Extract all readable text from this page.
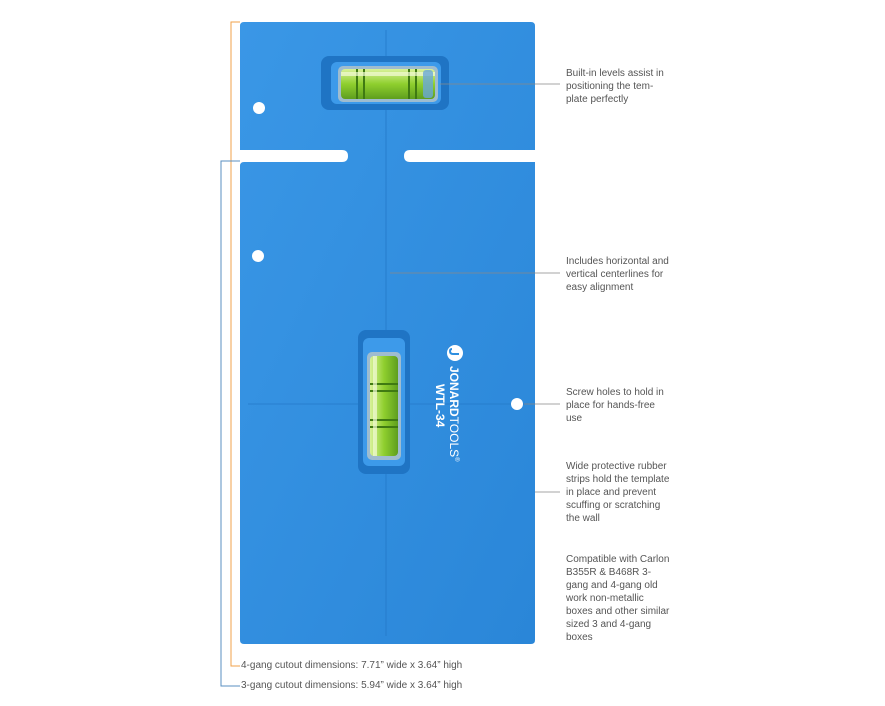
JONARDTOOLS®
WTL-34
Built-in levels assist in positioning the tem-plate perfectly
Includes horizontal and vertical centerlines for easy alignment
Screw holes to hold in place for hands-free use
Wide protective rubber strips hold the template in place and prevent scuffing or scratching the wall
Compatible with Carlon B355R & B468R 3-gang and 4-gang old work non-metallic boxes and other similar sized 3 and 4-gang boxes
4-gang cutout dimensions: 7.71” wide x 3.64” high
3-gang cutout dimensions: 5.94” wide x 3.64” high
